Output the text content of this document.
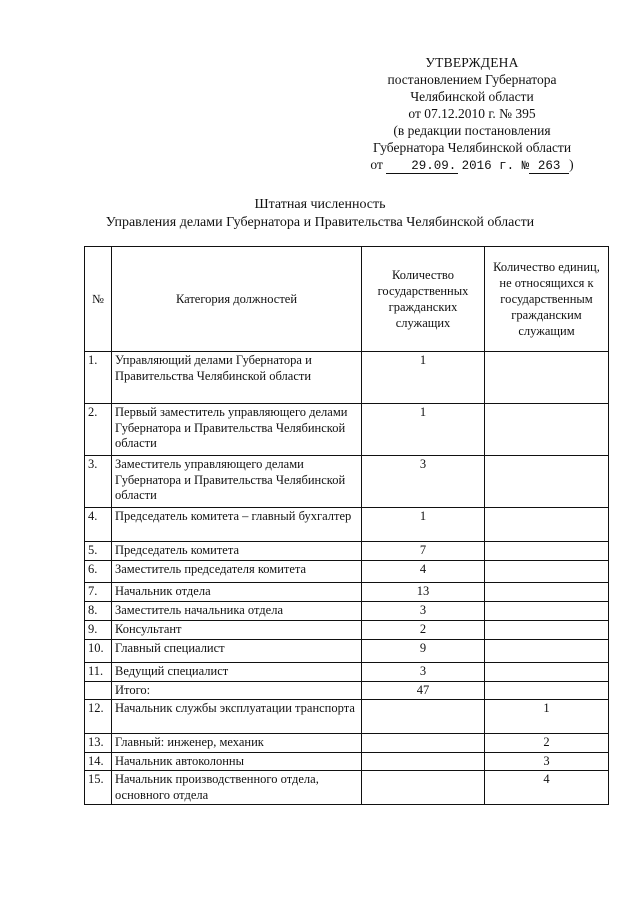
УТВЕРЖДЕНА
постановлением Губернатора
Челябинской области
от 07.12.2010 г. № 395
(в редакции постановления
Губернатора Челябинской области
от 29.09. 2016 г. № 263 )
Штатная численность
Управления делами Губернатора и Правительства Челябинской области
№	Категория должностей	Количество государственных гражданских служащих	Количество единиц, не относящихся к государственным гражданским служащим
1.	Управляющий делами Губернатора и Правительства Челябинской области	1	
2.	Первый заместитель управляющего делами Губернатора и Правительства Челябинской области	1	
3.	Заместитель управляющего делами Губернатора и Правительства Челябинской области	3	
4.	Председатель комитета – главный бухгалтер	1	
5.	Председатель комитета	7	
6.	Заместитель председателя комитета	4	
7.	Начальник отдела	13	
8.	Заместитель начальника отдела	3	
9.	Консультант	2	
10.	Главный специалист	9	
11.	Ведущий специалист	3	
	Итого:	47	
12.	Начальник службы эксплуатации транспорта		1
13.	Главный: инженер, механик		2
14.	Начальник автоколонны		3
15.	Начальник производственного отдела, основного отдела		4
